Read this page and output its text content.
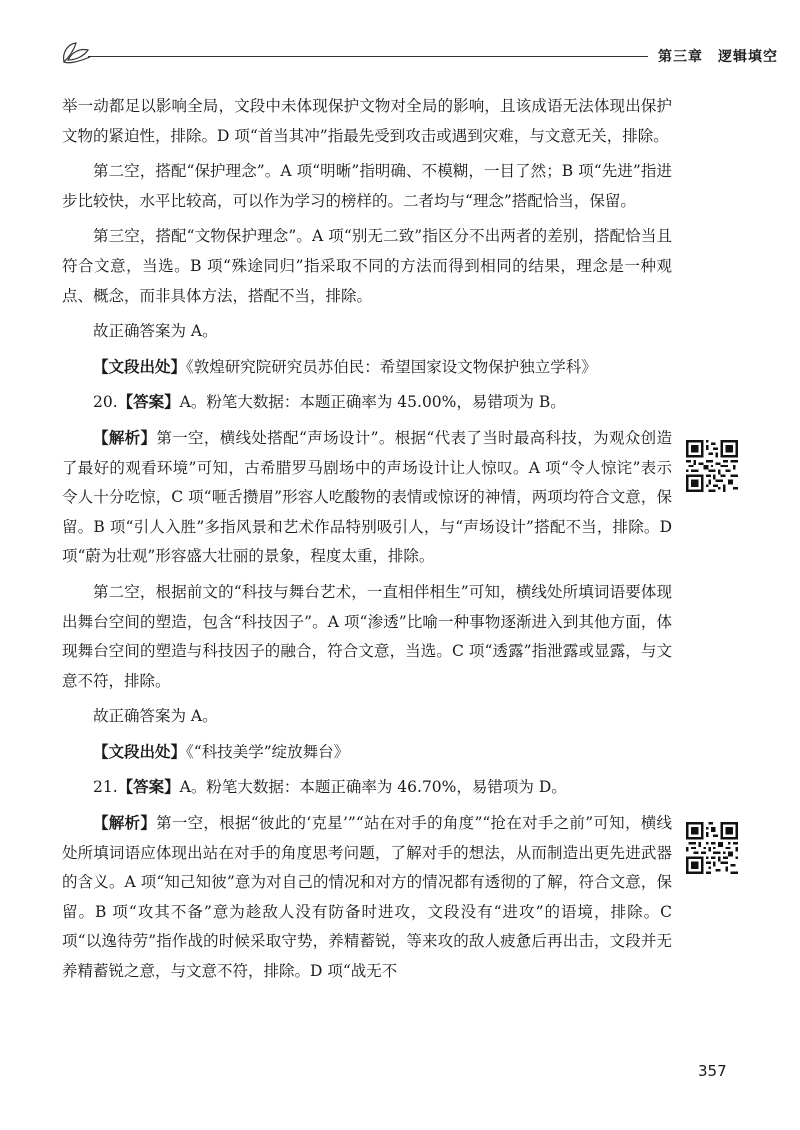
第三章　逻辑填空

举一动都足以影响全局，文段中未体现保护文物对全局的影响，且该成语无法体现出保护文物的紧迫性，排除。D 项“首当其冲”指最先受到攻击或遇到灾难，与文意无关，排除。

第二空，搭配“保护理念”。A 项“明晰”指明确、不模糊，一目了然；B 项“先进”指进步比较快，水平比较高，可以作为学习的榜样的。二者均与“理念”搭配恰当，保留。

第三空，搭配“文物保护理念”。A 项“别无二致”指区分不出两者的差别，搭配恰当且符合文意，当选。B 项“殊途同归”指采取不同的方法而得到相同的结果，理念是一种观点、概念，而非具体方法，搭配不当，排除。

故正确答案为 A。

【文段出处】《敦煌研究院研究员苏伯民：希望国家设文物保护独立学科》

20.【答案】A。粉笔大数据：本题正确率为 45.00%，易错项为 B。

【解析】第一空，横线处搭配“声场设计”。根据“代表了当时最高科技，为观众创造了最好的观看环境”可知，古希腊罗马剧场中的声场设计让人惊叹。A 项“令人惊诧”表示令人十分吃惊，C 项“咂舌攒眉”形容人吃酸物的表情或惊讶的神情，两项均符合文意，保留。B 项“引人入胜”多指风景和艺术作品特别吸引人，与“声场设计”搭配不当，排除。D 项“蔚为壮观”形容盛大壮丽的景象，程度太重，排除。

第二空，根据前文的“科技与舞台艺术，一直相伴相生”可知，横线处所填词语要体现出舞台空间的塑造，包含“科技因子”。A 项“渗透”比喻一种事物逐渐进入到其他方面，体现舞台空间的塑造与科技因子的融合，符合文意，当选。C 项“透露”指泄露或显露，与文意不符，排除。

故正确答案为 A。

【文段出处】《“科技美学”绽放舞台》

21.【答案】A。粉笔大数据：本题正确率为 46.70%，易错项为 D。

【解析】第一空，根据“彼此的‘克星’”“站在对手的角度”“抢在对手之前”可知，横线处所填词语应体现出站在对手的角度思考问题，了解对手的想法，从而制造出更先进武器的含义。A 项“知己知彼”意为对自己的情况和对方的情况都有透彻的了解，符合文意，保留。B 项“攻其不备”意为趁敌人没有防备时进攻，文段没有“进攻”的语境，排除。C 项“以逸待劳”指作战的时候采取守势，养精蓄锐，等来攻的敌人疲惫后再出击，文段并无养精蓄锐之意，与文意不符，排除。D 项“战无不

357
